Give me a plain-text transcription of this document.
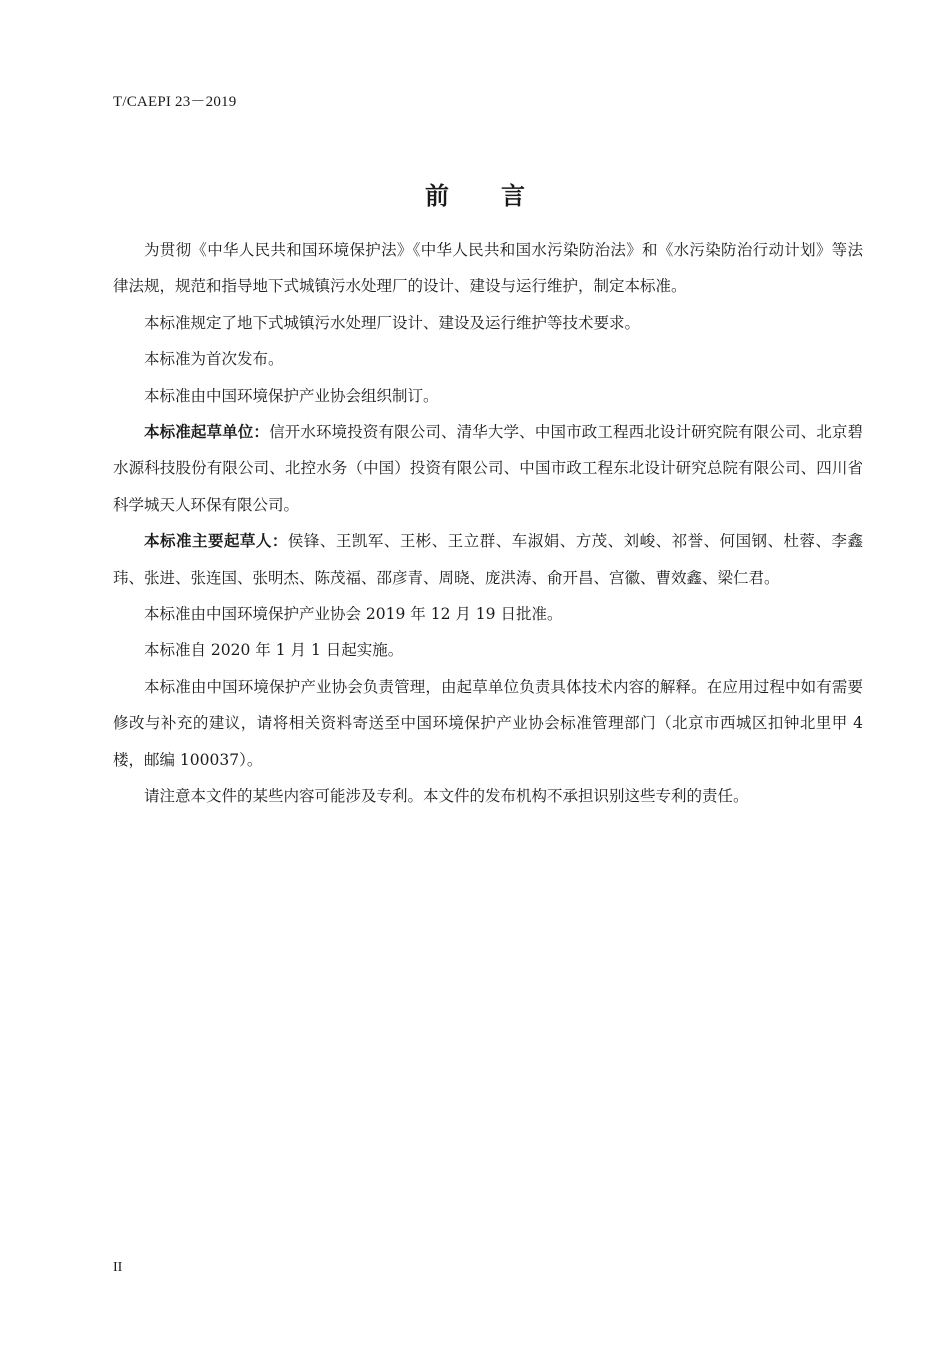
T/CAEPI 23－2019
前 言

为贯彻《中华人民共和国环境保护法》《中华人民共和国水污染防治法》和《水污染防治行动计划》等法律法规，规范和指导地下式城镇污水处理厂的设计、建设与运行维护，制定本标准。

本标准规定了地下式城镇污水处理厂设计、建设及运行维护等技术要求。

本标准为首次发布。

本标准由中国环境保护产业协会组织制订。

本标准起草单位：信开水环境投资有限公司、清华大学、中国市政工程西北设计研究院有限公司、北京碧水源科技股份有限公司、北控水务（中国）投资有限公司、中国市政工程东北设计研究总院有限公司、四川省科学城天人环保有限公司。

本标准主要起草人：侯锋、王凯军、王彬、王立群、车淑娟、方茂、刘峻、祁誉、何国钢、杜蓉、李鑫玮、张进、张连国、张明杰、陈茂福、邵彦青、周晓、庞洪涛、俞开昌、宫徽、曹效鑫、梁仁君。

本标准由中国环境保护产业协会 2019 年 12 月 19 日批准。

本标准自 2020 年 1 月 1 日起实施。

本标准由中国环境保护产业协会负责管理，由起草单位负责具体技术内容的解释。在应用过程中如有需要修改与补充的建议，请将相关资料寄送至中国环境保护产业协会标准管理部门（北京市西城区扣钟北里甲 4 楼，邮编 100037）。

请注意本文件的某些内容可能涉及专利。本文件的发布机构不承担识别这些专利的责任。

II
